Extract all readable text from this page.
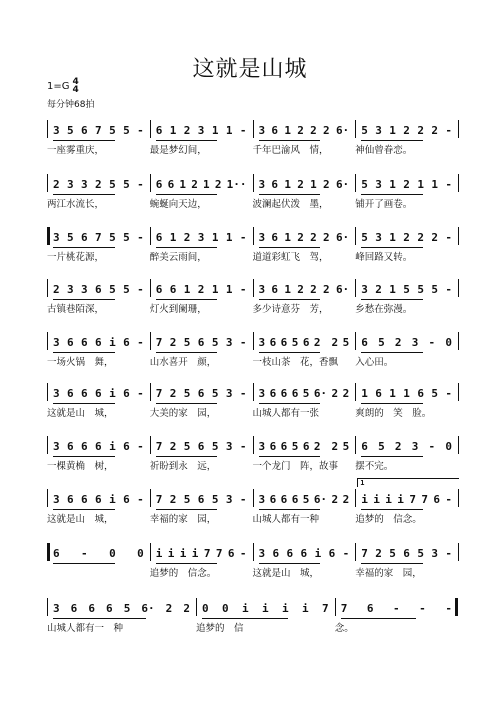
这就是山城
1=G 4
4
每分钟68拍
3 5 6 7 5 5 - 6 1 2 3 1 1 - 3 6 1 2 2 2 6· 5 3 1 2 2 2 -
一座雾重庆，	最是梦幻间，	千年巴渝风　情，	神仙曾眷恋。
2 3 3 2 5 5 - 6 6 1 2 1 2 1·· 3 6 1 2 1 2 6· 5 3 1 2 1 1 -
两江水流长，	蜿蜒向天边，	波澜起伏泼　墨，	铺开了画卷。
3 5 6 7 5 5 - 6 1 2 3 1 1 - 3 6 1 2 2 2 6· 5 3 1 2 2 2 -
一片桃花源，	醉美云雨间，	道道彩虹飞　驾，	峰回路又转。
2 3 3 6 5 5 - 6 6 1 2 1 1 - 3 6 1 2 2 2 6· 3 2 1 5 5 5 -
古镇巷陌深，	灯火到阑珊，	多少诗意芬　芳，	乡愁在弥漫。
3 6 6 6 i 6 - 7 2 5 6 5 3 - 3 6 6 5 6 2　2 5 6 5 2 3 - 0
一场火锅　舞，	山水喜开　颜，	一枝山茶　花，香飘	入心田。
3 6 6 6 i 6 - 7 2 5 6 5 3 - 3 6 6 6 5 6· 2 2 1 6 1 1 6 5 -
这就是山　城，	大美的家　园，	山城人都有一张	爽朗的　笑　脸。
3 6 6 6 i 6 - 7 2 5 6 5 3 - 3 6 6 5 6 2　2 5 6 5 2 3 - 0
一棵黄桷　树，	祈盼到永　远，	一个龙门　阵，故事	摆不完。
3 6 6 6 i 6 - 7 2 5 6 5 3 - 3 6 6 6 5 6· 2 2 i i i i 7 7 6 -
1
这就是山　城，	幸福的家　园，	山城人都有一种	追梦的　信念。
6 - 0 0 i i i i 7 7 6 - 3 6 6 6 i 6 - 7 2 5 6 5 3 -
追梦的　信念。	这就是山　城，	幸福的家　园，
3 6 6 6 5 6· 2 2 0 0 i i i i 7 7 6 - - -
山城人都有一　种	追梦的　信　	念。
